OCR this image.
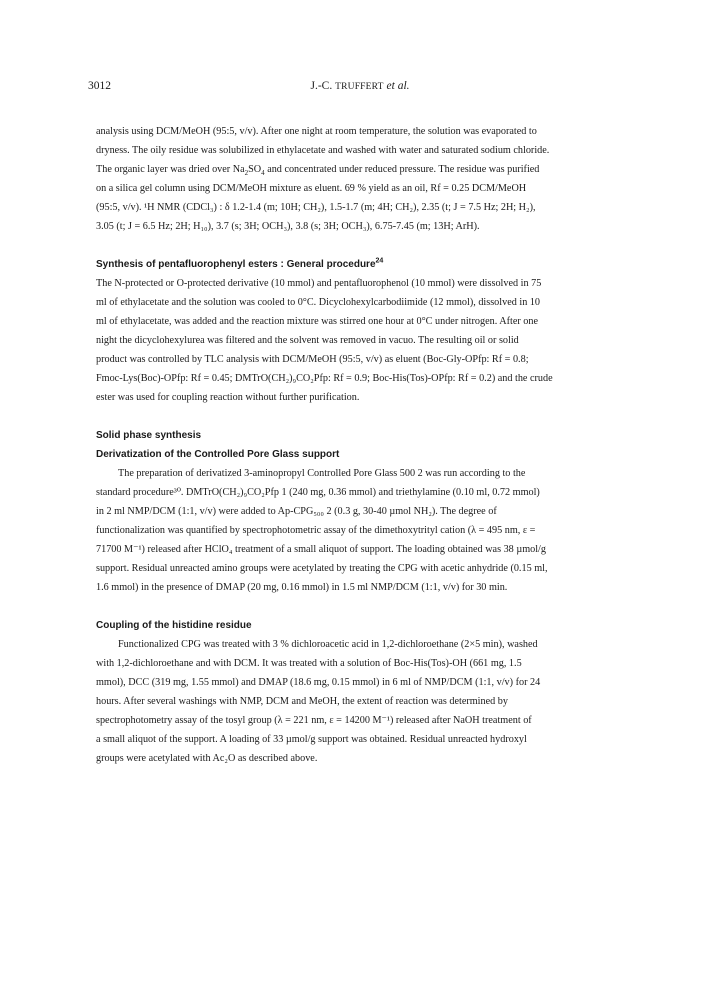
3012	J.-C. TRUFFERT et al.

analysis using DCM/MeOH (95:5, v/v). After one night at room temperature, the solution was evaporated to
dryness. The oily residue was solubilized in ethylacetate and washed with water and saturated sodium chloride.
The organic layer was dried over $Na_2SO_4$ and concentrated under reduced pressure. The residue was purified
on a silica gel column using DCM/MeOH mixture as eluent. 69 % yield as an oil, Rf = 0.25 DCM/MeOH
(95:5, v/v). ¹H NMR (CDCl₃) : δ 1.2-1.4 (m; 10H; CH₂), 1.5-1.7 (m; 4H; CH₂), 2.35 (t; J = 7.5 Hz; 2H; H₂),
3.05 (t; J = 6.5 Hz; 2H; H₁₀), 3.7 (s; 3H; OCH₃), 3.8 (s; 3H; OCH₃), 6.75-7.45 (m; 13H; ArH).

Synthesis of pentafluorophenyl esters : General procedure$^{24}$

The N-protected or O-protected derivative (10 mmol) and pentafluorophenol (10 mmol) were dissolved in 75
ml of ethylacetate and the solution was cooled to 0°C. Dicyclohexylcarbodiimide (12 mmol), dissolved in 10
ml of ethylacetate, was added and the reaction mixture was stirred one hour at 0°C under nitrogen. After one
night the dicyclohexylurea was filtered and the solvent was removed in vacuo. The resulting oil or solid
product was controlled by TLC analysis with DCM/MeOH (95:5, v/v) as eluent (Boc-Gly-OPfp: Rf = 0.8;
Fmoc-Lys(Boc)-OPfp: Rf = 0.45; DMTrO(CH₂)₉CO₂Pfp: Rf = 0.9; Boc-His(Tos)-OPfp: Rf = 0.2) and the crude
ester was used for coupling reaction without further purification.

Solid phase synthesis

Derivatization of the Controlled Pore Glass support

The preparation of derivatized 3-aminopropyl Controlled Pore Glass 500 2 was run according to the
standard procedure³⁰. DMTrO(CH₂)₉CO₂Pfp 1 (240 mg, 0.36 mmol) and triethylamine (0.10 ml, 0.72 mmol)
in 2 ml NMP/DCM (1:1, v/v) were added to Ap-CPG₅₀₀ 2 (0.3 g, 30-40 µmol NH₂). The degree of
functionalization was quantified by spectrophotometric assay of the dimethoxytrityl cation (λ = 495 nm, ε =
71700 M⁻¹) released after HClO₄ treatment of a small aliquot of support. The loading obtained was 38 µmol/g
support. Residual unreacted amino groups were acetylated by treating the CPG with acetic anhydride (0.15 ml,
1.6 mmol) in the presence of DMAP (20 mg, 0.16 mmol) in 1.5 ml NMP/DCM (1:1, v/v) for 30 min.

Coupling of the histidine residue

Functionalized CPG was treated with 3 % dichloroacetic acid in 1,2-dichloroethane (2×5 min), washed
with 1,2-dichloroethane and with DCM. It was treated with a solution of Boc-His(Tos)-OH (661 mg, 1.5
mmol), DCC (319 mg, 1.55 mmol) and DMAP (18.6 mg, 0.15 mmol) in 6 ml of NMP/DCM (1:1, v/v) for 24
hours. After several washings with NMP, DCM and MeOH, the extent of reaction was determined by
spectrophotometry assay of the tosyl group (λ = 221 nm, ε = 14200 M⁻¹) released after NaOH treatment of
a small aliquot of the support. A loading of 33 µmol/g support was obtained. Residual unreacted hydroxyl
groups were acetylated with Ac₂O as described above.
